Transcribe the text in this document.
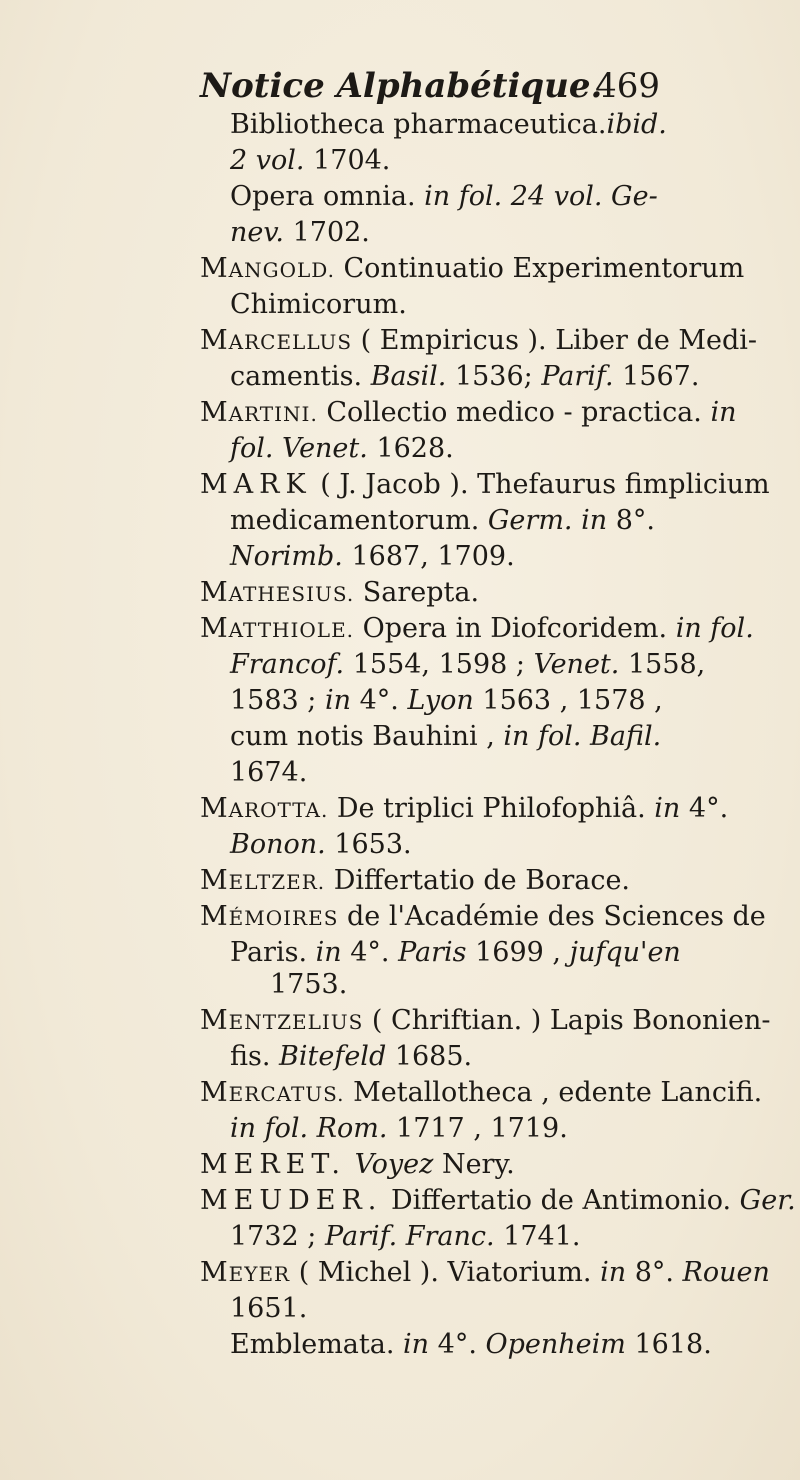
Notice Alphabétique.
469
Bibliotheca pharmaceutica.ibid.
2 vol. 1704.
Opera omnia. in fol. 24 vol. Ge-
nev. 1702.
MANGOLD. Continuatio Experimentorum
Chimicorum.
MARCELLUS ( Empiricus ). Liber de Medi-
camentis. Basil. 1536; Parif. 1567.
MARTINI. Collectio medico - practica. in
fol. Venet. 1628.
MARK ( J. Jacob ). Thefaurus fimplicium
medicamentorum. Germ. in 8°.
Norimb. 1687, 1709.
MATHESIUS. Sarepta.
MATTHIOLE. Opera in Diofcoridem. in fol.
Francof. 1554, 1598 ; Venet. 1558,
1583 ; in 4°. Lyon 1563 , 1578 ,
cum notis Bauhini , in fol. Bafil.
1674.
MAROTTA. De triplici Philofophiâ. in 4°.
Bonon. 1653.
MELTZER. Differtatio de Borace.
MÉMOIRES de l'Académie des Sciences de
Paris. in 4°. Paris 1699 , jufqu'en
1753.
MENTZELIUS ( Chriftian. ) Lapis Bononien-
fis. Bitefeld 1685.
MERCATUS. Metallotheca , edente Lancifi.
in fol. Rom. 1717 , 1719.
MERET. Voyez Nery.
MEUDER. Differtatio de Antimonio. Ger.
1732 ; Parif. Franc. 1741.
MEYER ( Michel ). Viatorium. in 8°. Rouen
1651.
Emblemata. in 4°. Openheim 1618.
